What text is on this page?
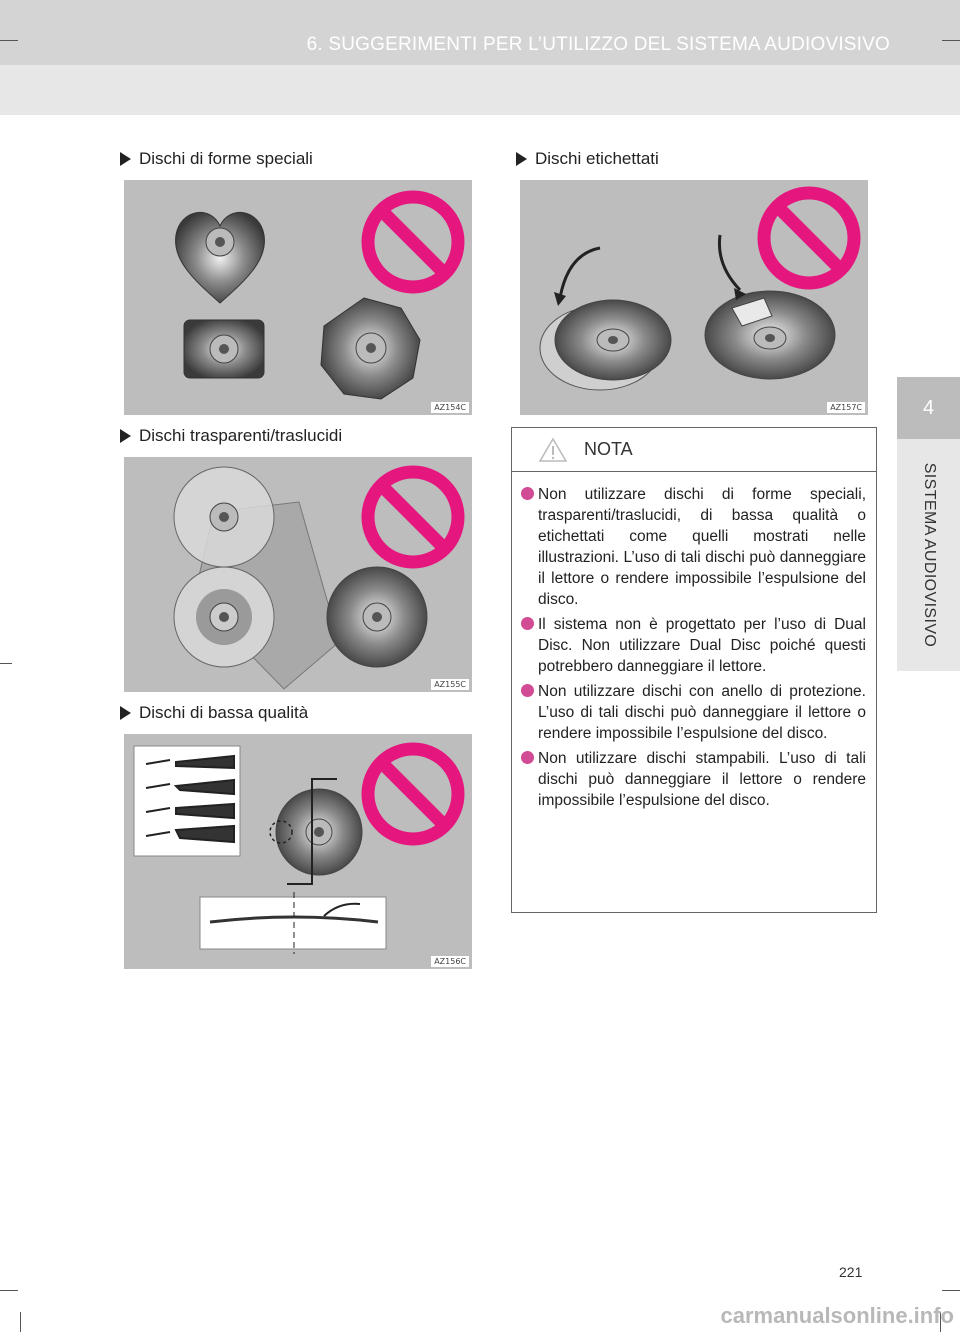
6. SUGGERIMENTI PER L’UTILIZZO DEL SISTEMA AUDIOVISIVO
4
SISTEMA AUDIOVISIVO
Dischi di forme speciali
AZ154C
Dischi trasparenti/traslucidi
AZ155C
Dischi di bassa qualità
AZ156C
Dischi etichettati
AZ157C
NOTA
Non utilizzare dischi di forme speciali, trasparenti/traslucidi, di bassa qualità o etichettati come quelli mostrati nelle illustrazioni. L’uso di tali dischi può danneggiare il lettore o rendere impossibile l’espulsione del disco.
Il sistema non è progettato per l’uso di Dual Disc. Non utilizzare Dual Disc poiché questi potrebbero danneggiare il lettore.
Non utilizzare dischi con anello di protezione. L’uso di tali dischi può danneggiare il lettore o rendere impossibile l’espulsione del disco.
Non utilizzare dischi stampabili. L’uso di tali dischi può danneggiare il lettore o rendere impossibile l’espulsione del disco.
221
carmanualsonline.info
